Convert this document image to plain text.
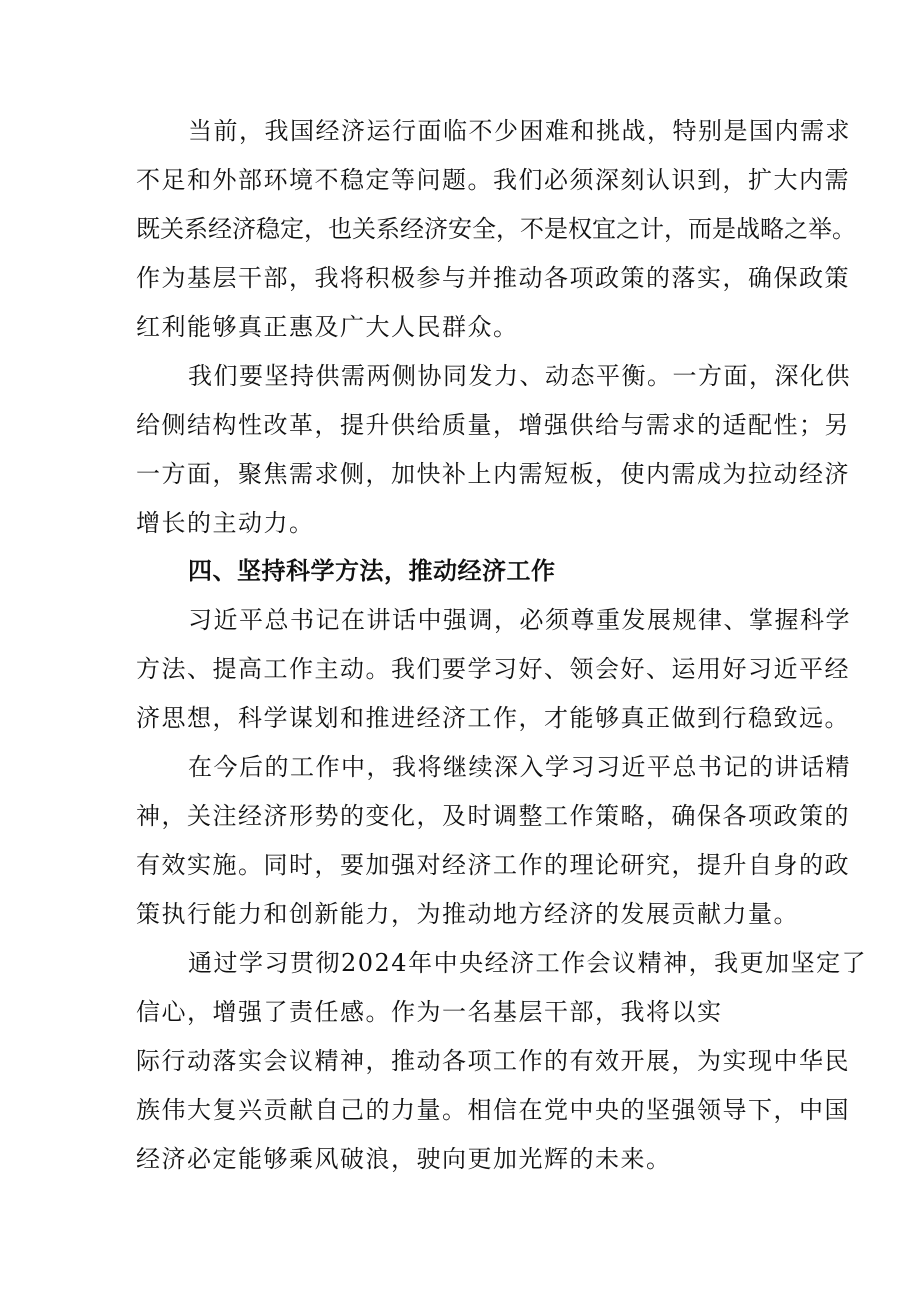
当前，我国经济运行面临不少困难和挑战，特别是国内需求
不足和外部环境不稳定等问题。我们必须深刻认识到，扩大内需
既关系经济稳定，也关系经济安全，不是权宜之计，而是战略之举。
作为基层干部，我将积极参与并推动各项政策的落实，确保政策
红利能够真正惠及广大人民群众。
我们要坚持供需两侧协同发力、动态平衡。一方面，深化供
给侧结构性改革，提升供给质量，增强供给与需求的适配性；另
一方面，聚焦需求侧，加快补上内需短板，使内需成为拉动经济
增长的主动力。
四、坚持科学方法，推动经济工作
习近平总书记在讲话中强调，必须尊重发展规律、掌握科学
方法、提高工作主动。我们要学习好、领会好、运用好习近平经
济思想，科学谋划和推进经济工作，才能够真正做到行稳致远。
在今后的工作中，我将继续深入学习习近平总书记的讲话精
神，关注经济形势的变化，及时调整工作策略，确保各项政策的
有效实施。同时，要加强对经济工作的理论研究，提升自身的政
策执行能力和创新能力，为推动地方经济的发展贡献力量。
通过学习贯彻2024年中央经济工作会议精神，我更加坚定了
信心，增强了责任感。作为一名基层干部，我将以实
际行动落实会议精神，推动各项工作的有效开展，为实现中华民
族伟大复兴贡献自己的力量。相信在党中央的坚强领导下，中国
经济必定能够乘风破浪，驶向更加光辉的未来。
